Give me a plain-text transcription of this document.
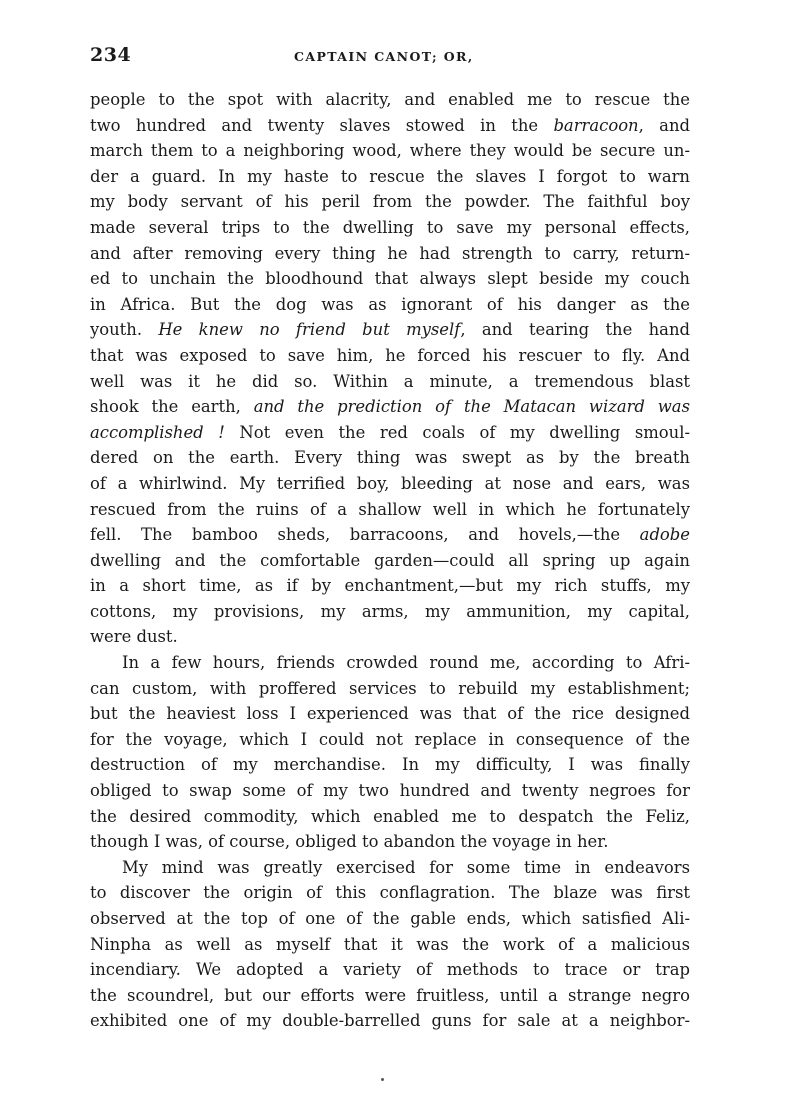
234	CAPTAIN CANOT; OR,
people to the spot with alacrity, and enabled me to rescue the
two hundred and twenty slaves stowed in the barracoon, and
march them to a neighboring wood, where they would be secure un-
der a guard. In my haste to rescue the slaves I forgot to warn
my body servant of his peril from the powder. The faithful boy
made several trips to the dwelling to save my personal effects,
and after removing every thing he had strength to carry, return-
ed to unchain the bloodhound that always slept beside my couch
in Africa. But the dog was as ignorant of his danger as the
youth. He knew no friend but myself, and tearing the hand
that was exposed to save him, he forced his rescuer to fly. And
well was it he did so. Within a minute, a tremendous blast
shook the earth, and the prediction of the Matacan wizard was
accomplished ! Not even the red coals of my dwelling smoul-
dered on the earth. Every thing was swept as by the breath
of a whirlwind. My terrified boy, bleeding at nose and ears, was
rescued from the ruins of a shallow well in which he fortunately
fell. The bamboo sheds, barracoons, and hovels,—the adobe
dwelling and the comfortable garden—could all spring up again
in a short time, as if by enchantment,—but my rich stuffs, my
cottons, my provisions, my arms, my ammunition, my capital,
were dust.
In a few hours, friends crowded round me, according to Afri-
can custom, with proffered services to rebuild my establishment;
but the heaviest loss I experienced was that of the rice designed
for the voyage, which I could not replace in consequence of the
destruction of my merchandise. In my difficulty, I was finally
obliged to swap some of my two hundred and twenty negroes for
the desired commodity, which enabled me to despatch the Feliz,
though I was, of course, obliged to abandon the voyage in her.
My mind was greatly exercised for some time in endeavors
to discover the origin of this conflagration. The blaze was first
observed at the top of one of the gable ends, which satisfied Ali-
Ninpha as well as myself that it was the work of a malicious
incendiary. We adopted a variety of methods to trace or trap
the scoundrel, but our efforts were fruitless, until a strange negro
exhibited one of my double-barrelled guns for sale at a neighbor-
